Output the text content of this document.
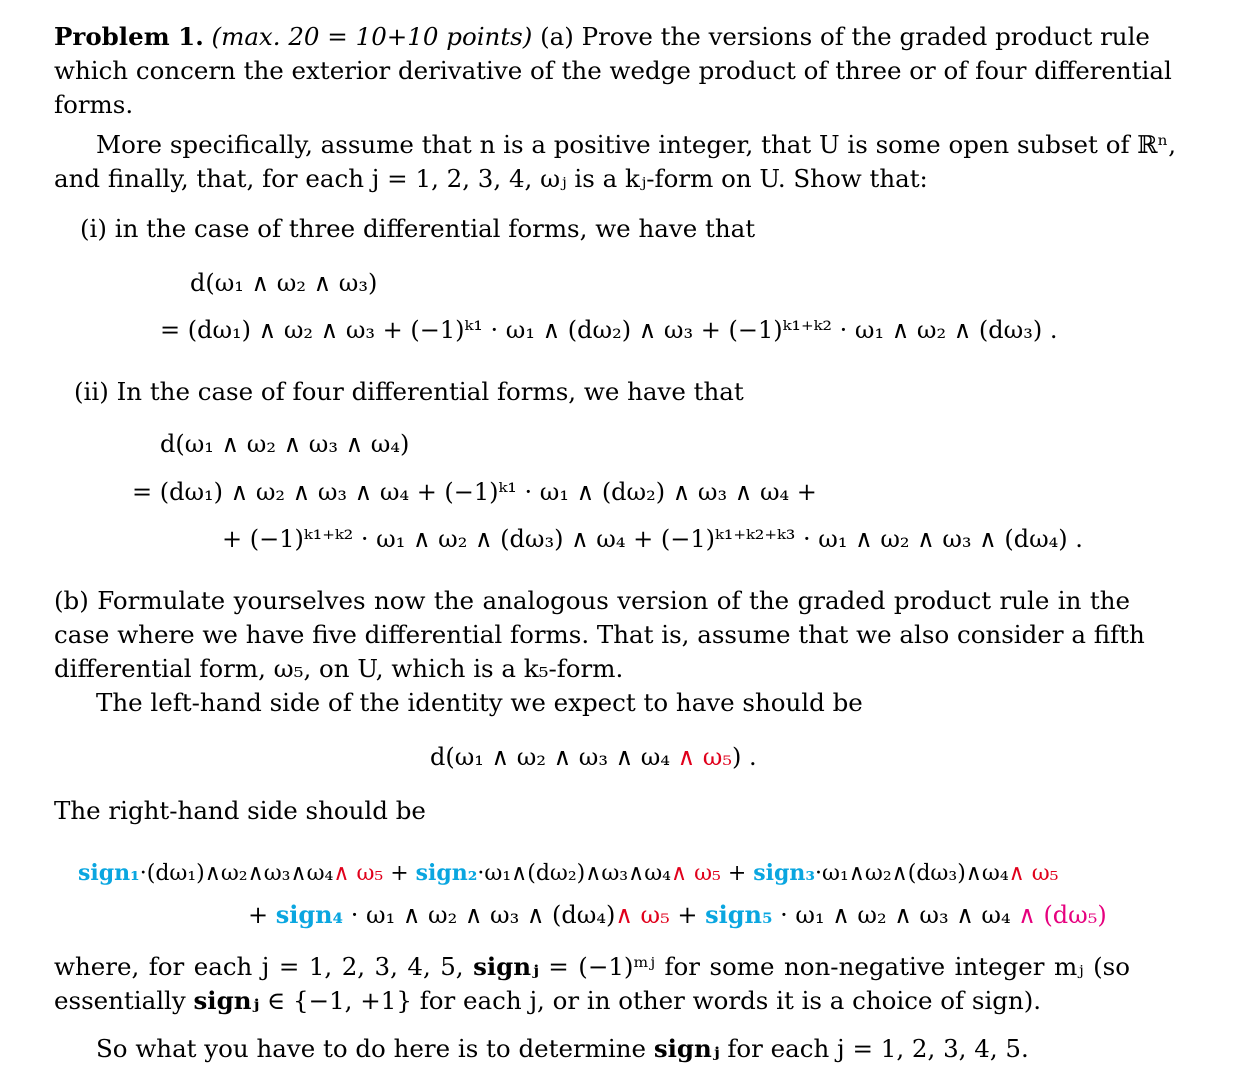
Problem 1. (max. 20 = 10+10 points) (a) Prove the versions of the graded product rule
which concern the exterior derivative of the wedge product of three or of four differential
forms.
More specifically, assume that n is a positive integer, that U is some open subset of ℝⁿ,
and finally, that, for each j = 1, 2, 3, 4, ωⱼ is a kⱼ-form on U. Show that:
(i) in the case of three differential forms, we have that
d(ω₁ ∧ ω₂ ∧ ω₃)
= (dω₁) ∧ ω₂ ∧ ω₃ + (−1)ᵏ¹ · ω₁ ∧ (dω₂) ∧ ω₃ + (−1)ᵏ¹⁺ᵏ² · ω₁ ∧ ω₂ ∧ (dω₃) .
(ii) In the case of four differential forms, we have that
d(ω₁ ∧ ω₂ ∧ ω₃ ∧ ω₄)
= (dω₁) ∧ ω₂ ∧ ω₃ ∧ ω₄ + (−1)ᵏ¹ · ω₁ ∧ (dω₂) ∧ ω₃ ∧ ω₄ +
+ (−1)ᵏ¹⁺ᵏ² · ω₁ ∧ ω₂ ∧ (dω₃) ∧ ω₄ + (−1)ᵏ¹⁺ᵏ²⁺ᵏ³ · ω₁ ∧ ω₂ ∧ ω₃ ∧ (dω₄) .
(b) Formulate yourselves now the analogous version of the graded product rule in the
case where we have five differential forms. That is, assume that we also consider a fifth
differential form, ω₅, on U, which is a k₅-form.
The left-hand side of the identity we expect to have should be
d(ω₁ ∧ ω₂ ∧ ω₃ ∧ ω₄ ∧ ω₅) .
The right-hand side should be
sign₁·(dω₁)∧ω₂∧ω₃∧ω₄∧ ω₅ + sign₂·ω₁∧(dω₂)∧ω₃∧ω₄∧ ω₅ + sign₃·ω₁∧ω₂∧(dω₃)∧ω₄∧ ω₅
+ sign₄ · ω₁ ∧ ω₂ ∧ ω₃ ∧ (dω₄)∧ ω₅ + sign₅ · ω₁ ∧ ω₂ ∧ ω₃ ∧ ω₄ ∧ (dω₅)
where, for each j = 1, 2, 3, 4, 5, signⱼ = (−1)ᵐʲ for some non-negative integer mⱼ (so
essentially signⱼ ∈ {−1, +1} for each j, or in other words it is a choice of sign).
So what you have to do here is to determine signⱼ for each j = 1, 2, 3, 4, 5.
